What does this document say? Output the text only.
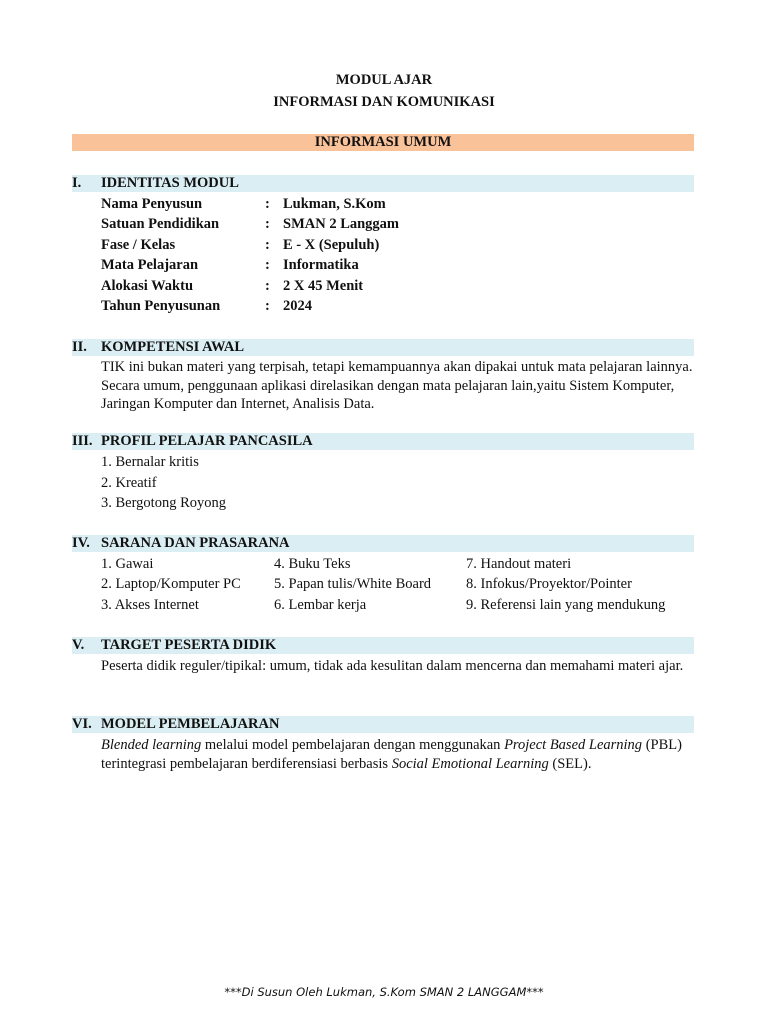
MODUL AJAR
INFORMASI DAN KOMUNIKASI
INFORMASI UMUM
I. IDENTITAS MODUL
Nama Penyusun	: Lukman, S.Kom
Satuan Pendidikan	: SMAN 2 Langgam
Fase / Kelas	: E - X (Sepuluh)
Mata Pelajaran	: Informatika
Alokasi Waktu	: 2 X 45 Menit
Tahun Penyusunan	: 2024
II. KOMPETENSI AWAL
TIK ini bukan materi yang terpisah, tetapi kemampuannya akan dipakai untuk mata pelajaran lainnya. Secara umum, penggunaan aplikasi direlasikan dengan mata pelajaran lain,yaitu Sistem Komputer, Jaringan Komputer dan Internet, Analisis Data.
III. PROFIL PELAJAR PANCASILA
1. Bernalar kritis
2. Kreatif
3. Bergotong Royong
IV. SARANA DAN PRASARANA
1. Gawai	4. Buku Teks	7. Handout materi
2. Laptop/Komputer PC 5. Papan tulis/White Board 8. Infokus/Proyektor/Pointer
3. Akses Internet	6. Lembar kerja	9. Referensi lain yang mendukung
V. TARGET PESERTA DIDIK
Peserta didik reguler/tipikal: umum, tidak ada kesulitan dalam mencerna dan memahami materi ajar.
VI. MODEL PEMBELAJARAN
Blended learning melalui model pembelajaran dengan menggunakan Project Based Learning (PBL) terintegrasi pembelajaran berdiferensiasi berbasis Social Emotional Learning (SEL).
***Di Susun Oleh Lukman, S.Kom SMAN 2 LANGGAM***
